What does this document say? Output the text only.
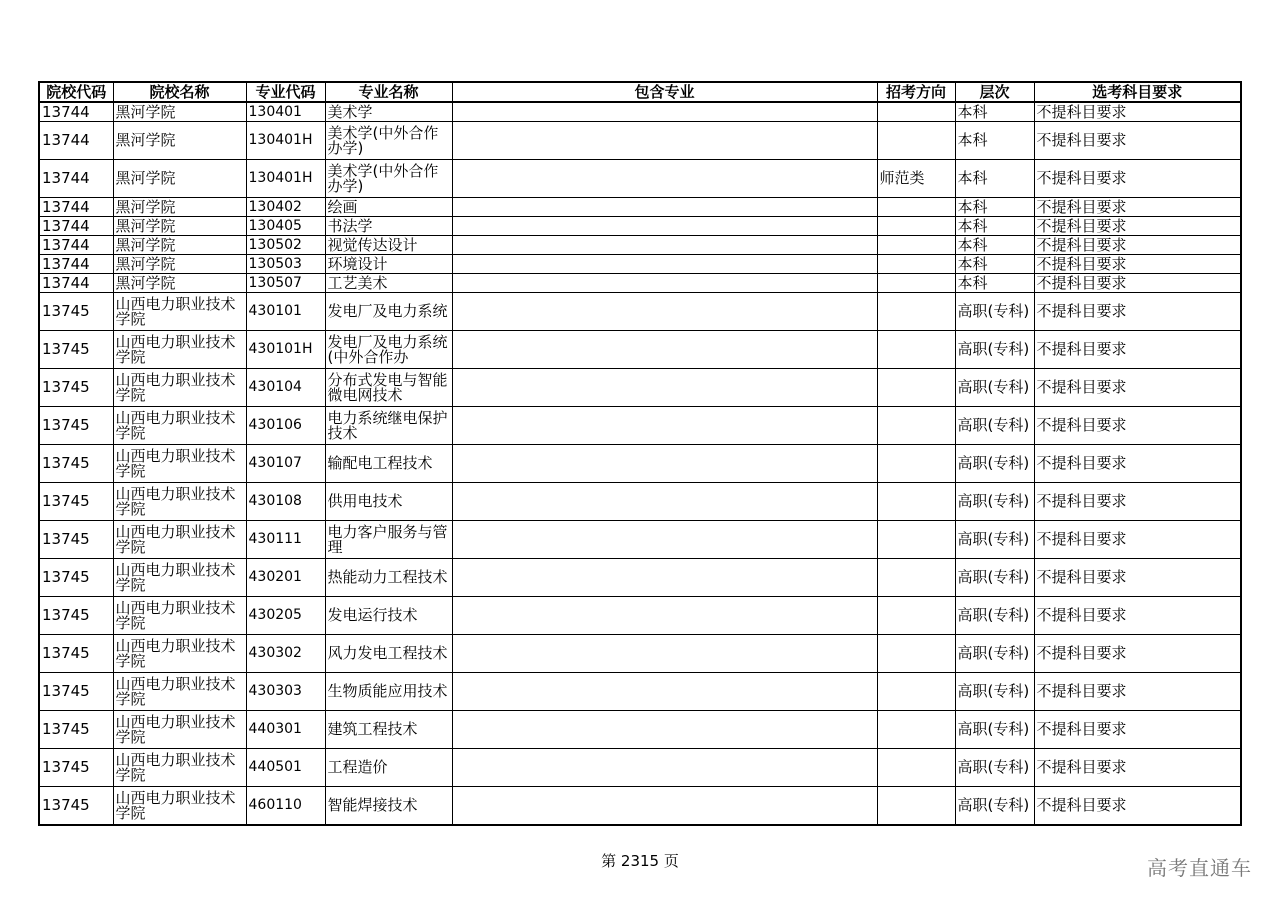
院校代码	院校名称	专业代码	专业名称	包含专业	招考方向	层次	选考科目要求
13744	黑河学院	130401	美术学			本科	不提科目要求
13744	黑河学院	130401H	美术学(中外合作办学)			本科	不提科目要求
13744	黑河学院	130401H	美术学(中外合作办学)		师范类	本科	不提科目要求
13744	黑河学院	130402	绘画			本科	不提科目要求
13744	黑河学院	130405	书法学			本科	不提科目要求
13744	黑河学院	130502	视觉传达设计			本科	不提科目要求
13744	黑河学院	130503	环境设计			本科	不提科目要求
13744	黑河学院	130507	工艺美术			本科	不提科目要求
13745	山西电力职业技术学院	430101	发电厂及电力系统			高职(专科)	不提科目要求
13745	山西电力职业技术学院	430101H	发电厂及电力系统(中外合作办			高职(专科)	不提科目要求
13745	山西电力职业技术学院	430104	分布式发电与智能微电网技术			高职(专科)	不提科目要求
13745	山西电力职业技术学院	430106	电力系统继电保护技术			高职(专科)	不提科目要求
13745	山西电力职业技术学院	430107	输配电工程技术			高职(专科)	不提科目要求
13745	山西电力职业技术学院	430108	供用电技术			高职(专科)	不提科目要求
13745	山西电力职业技术学院	430111	电力客户服务与管理			高职(专科)	不提科目要求
13745	山西电力职业技术学院	430201	热能动力工程技术			高职(专科)	不提科目要求
13745	山西电力职业技术学院	430205	发电运行技术			高职(专科)	不提科目要求
13745	山西电力职业技术学院	430302	风力发电工程技术			高职(专科)	不提科目要求
13745	山西电力职业技术学院	430303	生物质能应用技术			高职(专科)	不提科目要求
13745	山西电力职业技术学院	440301	建筑工程技术			高职(专科)	不提科目要求
13745	山西电力职业技术学院	440501	工程造价			高职(专科)	不提科目要求
13745	山西电力职业技术学院	460110	智能焊接技术			高职(专科)	不提科目要求
第 2315 页	高考直通车
